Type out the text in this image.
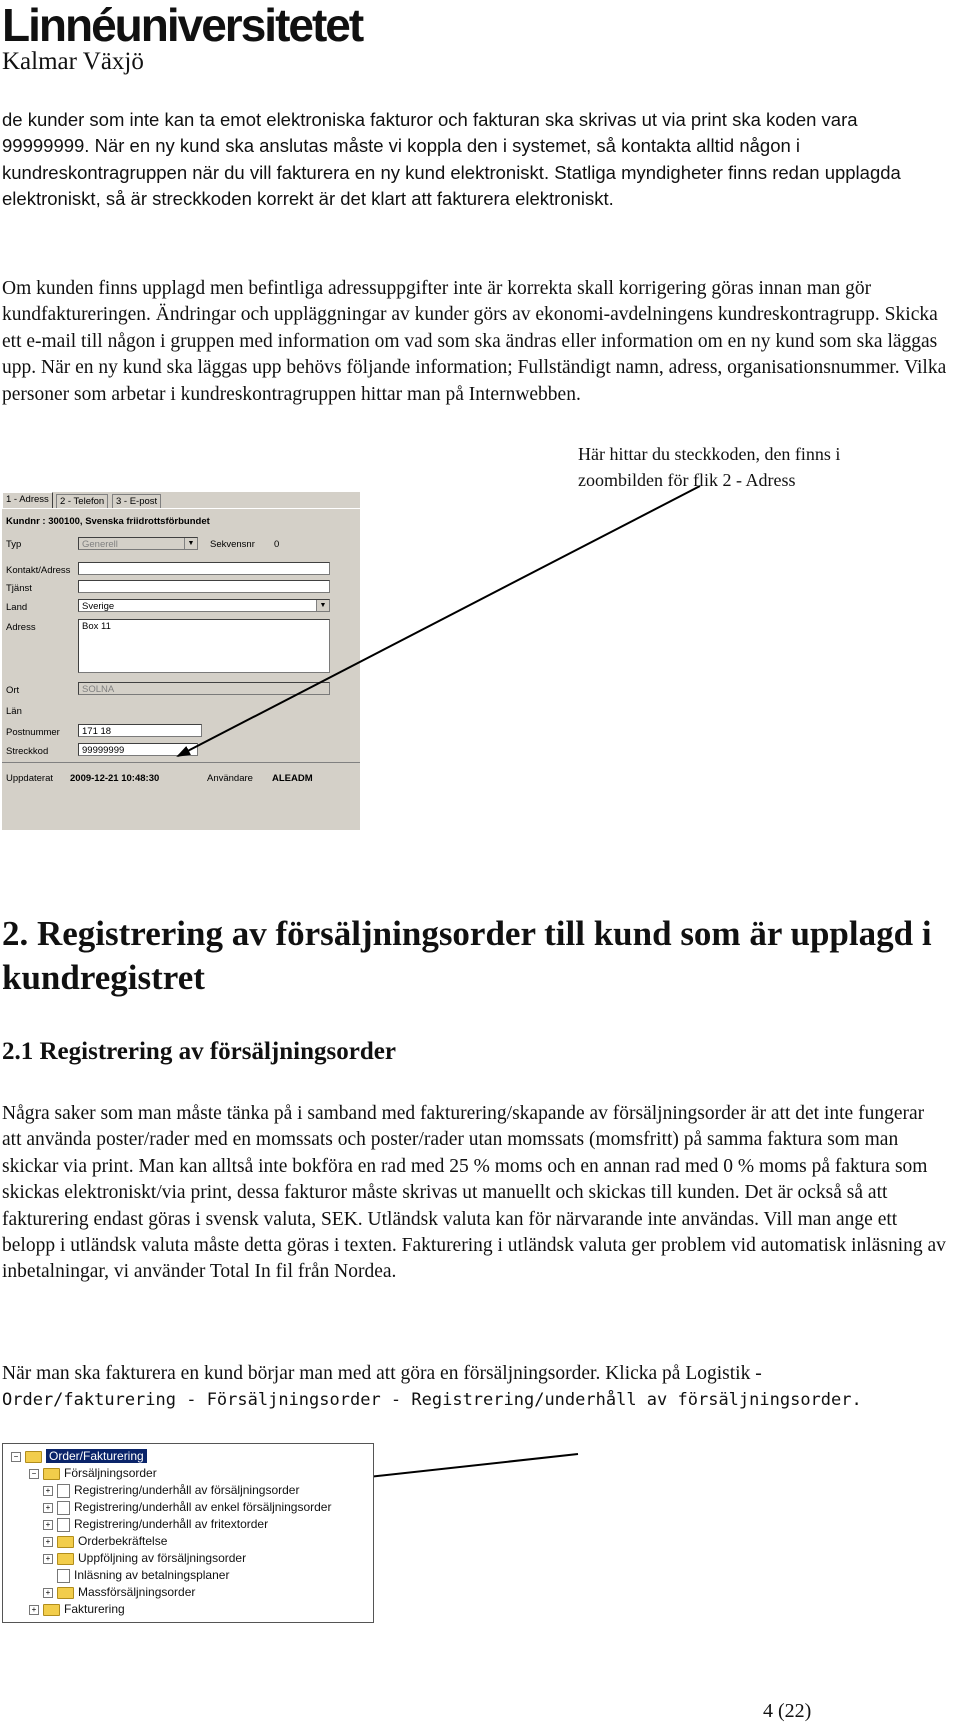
Linnéuniversitetet
Kalmar Växjö

de kunder som inte kan ta emot elektroniska fakturor och fakturan ska skrivas ut via print ska koden vara 99999999. När en ny kund ska anslutas måste vi koppla den i systemet, så kontakta alltid någon i kundreskontragruppen när du vill fakturera en ny kund elektroniskt. Statliga myndigheter finns redan upplagda elektroniskt, så är streckkoden korrekt är det klart att fakturera elektroniskt.

Om kunden finns upplagd men befintliga adressuppgifter inte är korrekta skall korrigering göras innan man gör kundfaktureringen. Ändringar och uppläggningar av kunder görs av ekonomi-avdelningens kundreskontragrupp. Skicka ett e-mail till någon i gruppen med information om vad som ska ändras eller information om en ny kund som ska läggas upp. När en ny kund ska läggas upp behövs följande information; Fullständigt namn, adress, organisationsnummer. Vilka personer som arbetar i kundreskontragruppen hittar man på Internwebben.

Här hittar du steckkoden, den finns i zoombilden för flik 2 - Adress
1 - Adress	2 - Telefon	3 - E-post
Kundnr : 300100, Svenska friidrottsförbundet
Typ	Generell	▼ Sekvensnr 0
Kontakt/Adress
Tjänst
Land	Sverige	▼
Adress	Box 11
Ort	SOLNA
Län
Postnummer	171 18
Streckkod	99999999
Uppdaterat 2009-12-21 10:48:30	Användare ALEADM
2. Registrering av försäljningsorder till kund som är upplagd i kundregistret
2.1 Registrering av försäljningsorder

Några saker som man måste tänka på i samband med fakturering/skapande av försäljningsorder är att det inte fungerar att använda poster/rader med en momssats och poster/rader utan momssats (momsfritt) på samma faktura som man skickar via print. Man kan alltså inte bokföra en rad med 25 % moms och en annan rad med 0 % moms på faktura som skickas elektroniskt/via print, dessa fakturor måste skrivas ut manuellt och skickas till kunden. Det är också så att fakturering endast göras i svensk valuta, SEK. Utländsk valuta kan för närvarande inte användas. Vill man ange ett belopp i utländsk valuta måste detta göras i texten. Fakturering i utländsk valuta ger problem vid automatisk inläsning av inbetalningar, vi använder Total In fil från Nordea.

När man ska fakturera en kund börjar man med att göra en försäljningsorder. Klicka på Logistik -
Order/fakturering - Försäljningsorder - Registrering/underhåll av försäljningsorder.

−	Order/Fakturering
− Försäljningsorder
+ Registrering/underhåll av försäljningsorder
+ Registrering/underhåll av enkel försäljningsorder
+ Registrering/underhåll av fritextorder
+ Orderbekräftelse
+ Uppföljning av försäljningsorder
Inläsning av betalningsplaner
+ Massförsäljningsorder
+ Fakturering
4 (22)
